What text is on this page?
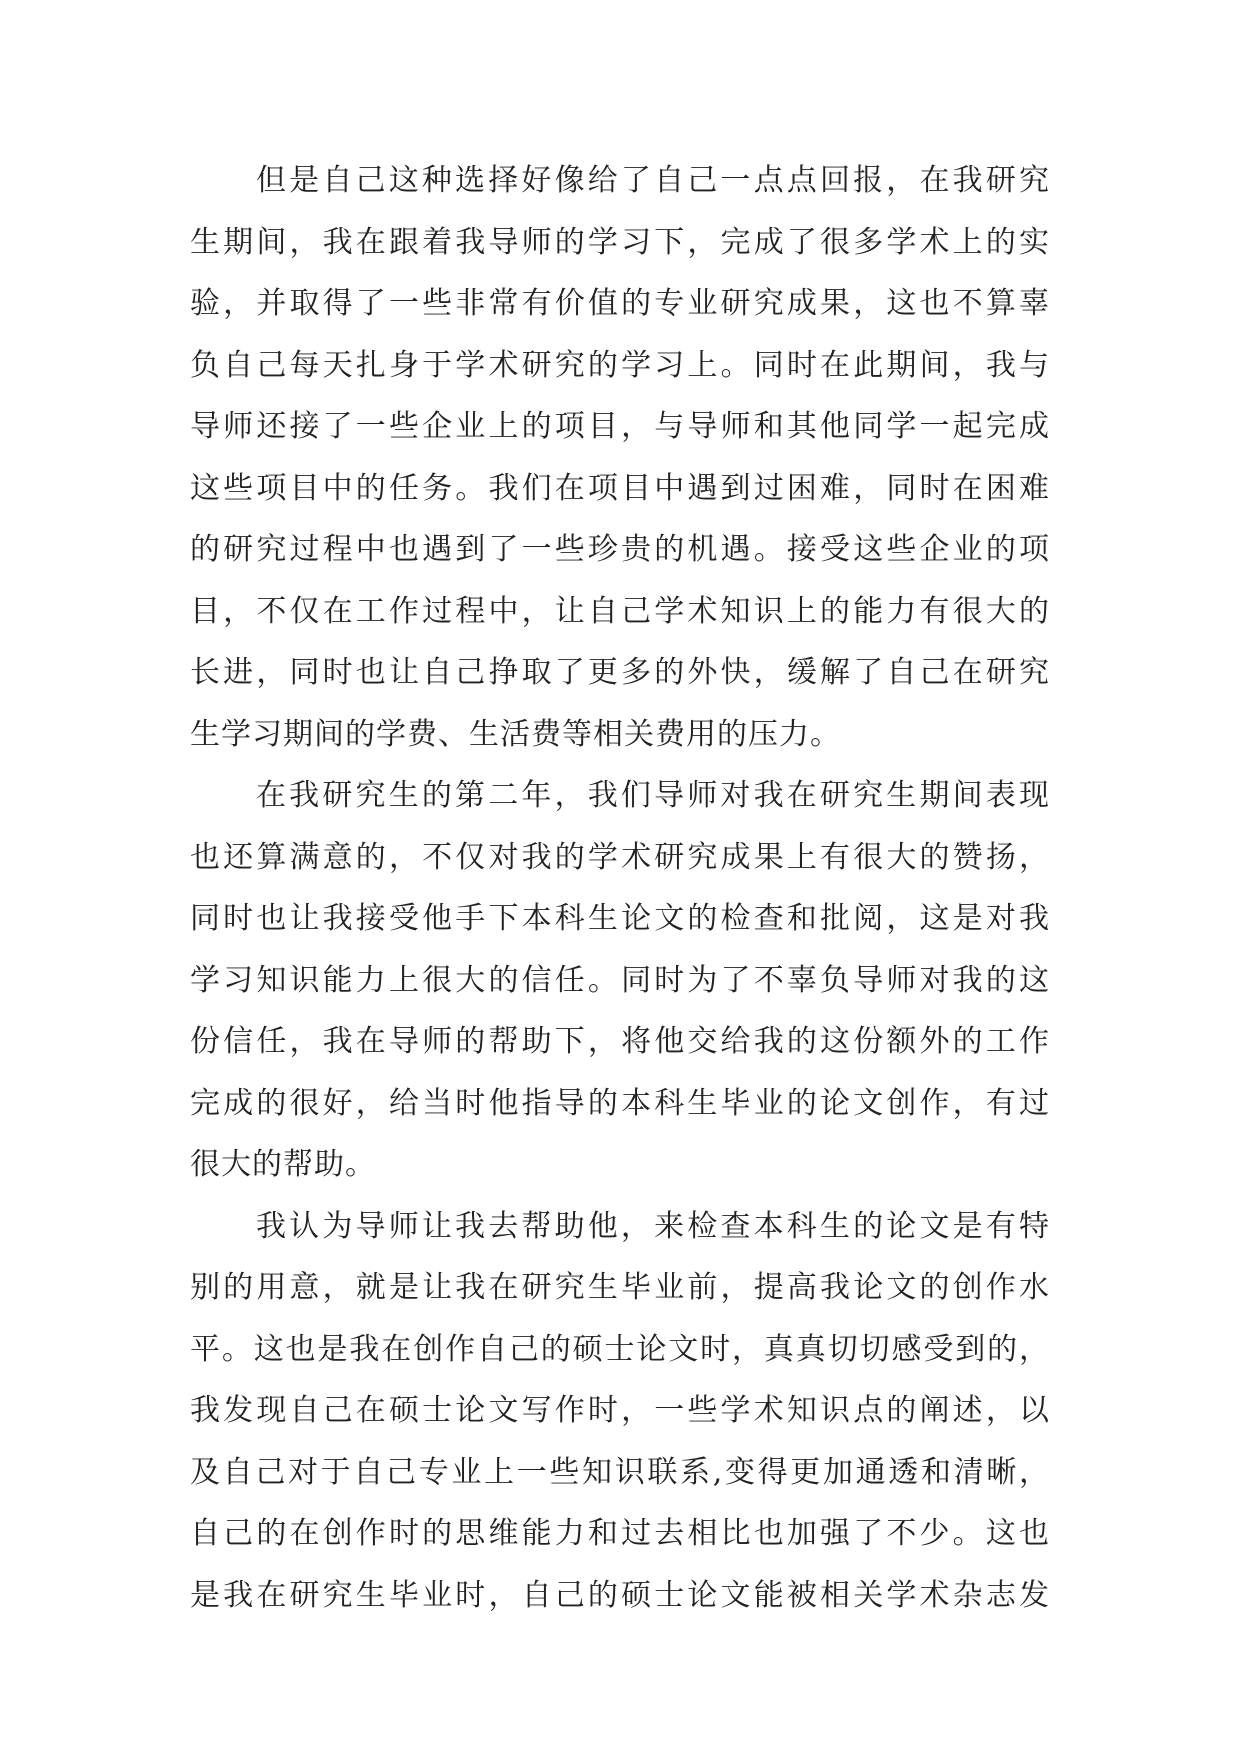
但是自己这种选择好像给了自己一点点回报，在我研究
生期间，我在跟着我导师的学习下，完成了很多学术上的实
验，并取得了一些非常有价值的专业研究成果，这也不算辜
负自己每天扎身于学术研究的学习上。同时在此期间，我与
导师还接了一些企业上的项目，与导师和其他同学一起完成
这些项目中的任务。我们在项目中遇到过困难，同时在困难
的研究过程中也遇到了一些珍贵的机遇。接受这些企业的项
目，不仅在工作过程中，让自己学术知识上的能力有很大的
长进，同时也让自己挣取了更多的外快，缓解了自己在研究
生学习期间的学费、生活费等相关费用的压力。
在我研究生的第二年，我们导师对我在研究生期间表现
也还算满意的，不仅对我的学术研究成果上有很大的赞扬，
同时也让我接受他手下本科生论文的检查和批阅，这是对我
学习知识能力上很大的信任。同时为了不辜负导师对我的这
份信任，我在导师的帮助下，将他交给我的这份额外的工作
完成的很好，给当时他指导的本科生毕业的论文创作，有过
很大的帮助。
我认为导师让我去帮助他，来检查本科生的论文是有特
别的用意，就是让我在研究生毕业前，提高我论文的创作水
平。这也是我在创作自己的硕士论文时，真真切切感受到的，
我发现自己在硕士论文写作时，一些学术知识点的阐述，以
及自己对于自己专业上一些知识联系,变得更加通透和清晰，
自己的在创作时的思维能力和过去相比也加强了不少。这也
是我在研究生毕业时，自己的硕士论文能被相关学术杂志发
